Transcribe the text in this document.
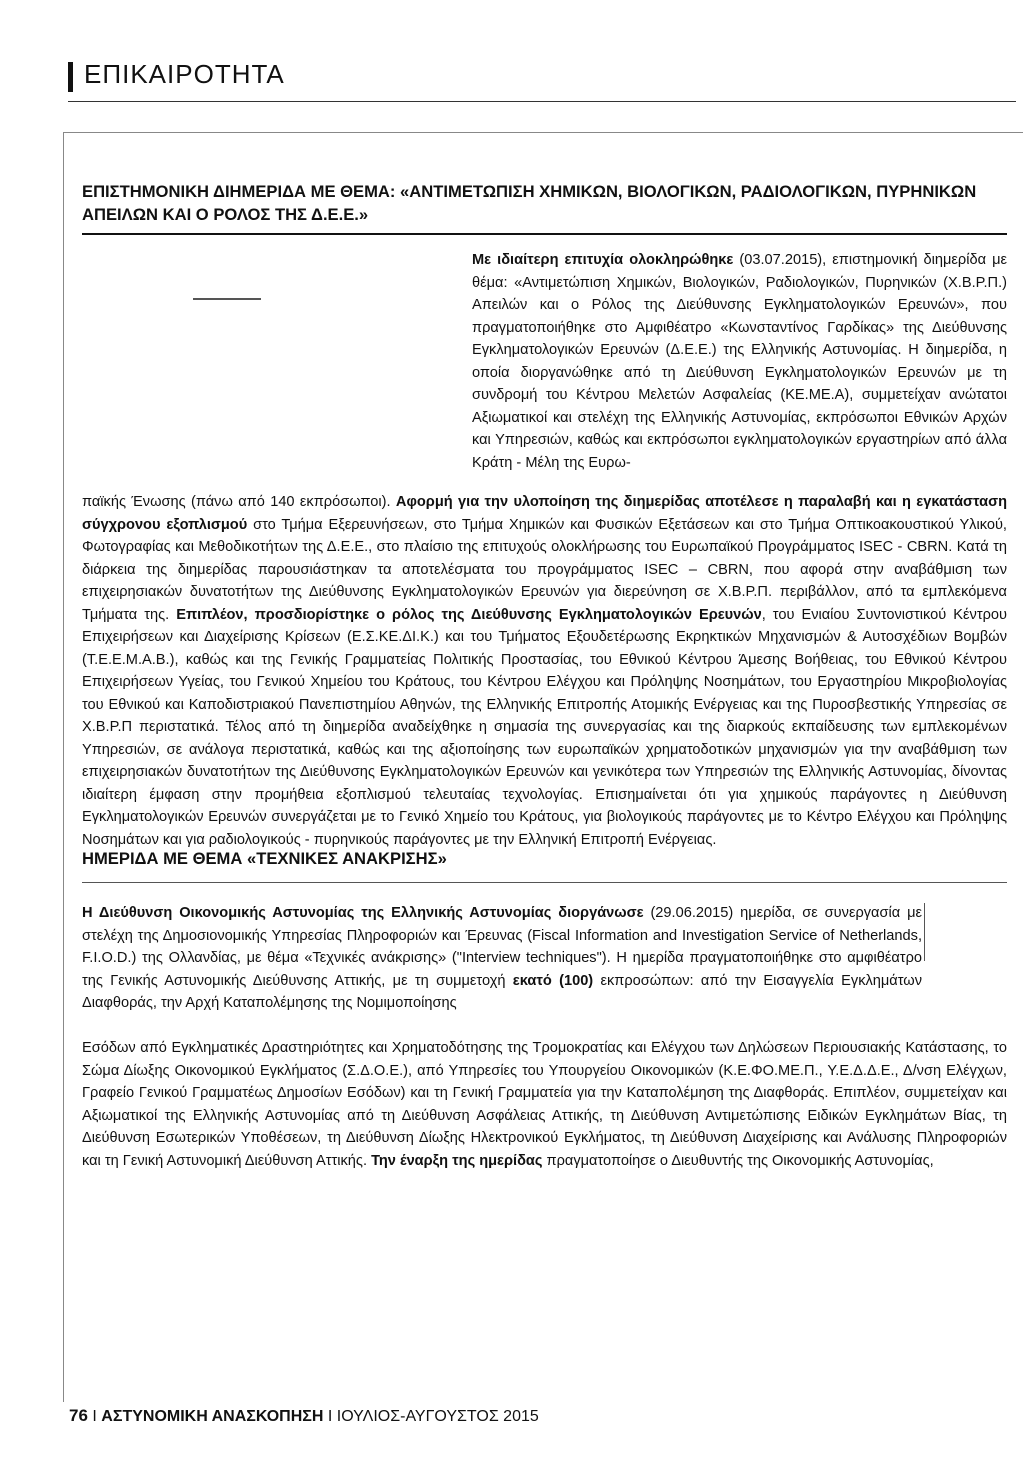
ΕΠΙΚΑΙΡΟΤΗΤΑ
ΕΠΙΣΤΗΜΟΝΙΚΗ ΔΙΗΜΕΡΙΔΑ ΜΕ ΘΕΜΑ: «ΑΝΤΙΜΕΤΩΠΙΣΗ ΧΗΜΙΚΩΝ, ΒΙΟΛΟΓΙΚΩΝ, ΡΑΔΙΟΛΟΓΙΚΩΝ, ΠΥΡΗΝΙΚΩΝ ΑΠΕΙΛΩΝ ΚΑΙ Ο ΡΟΛΟΣ ΤΗΣ Δ.Ε.Ε.»
Με ιδιαίτερη επιτυχία ολοκληρώθηκε (03.07.2015), επιστημονική διημερίδα με θέμα: «Αντιμετώπιση Χημικών, Βιολογικών, Ραδιολογικών, Πυρηνικών (Χ.Β.Ρ.Π.) Απειλών και ο Ρόλος της Διεύθυνσης Εγκληματολογικών Ερευνών», που πραγματοποιήθηκε στο Αμφιθέατρο «Κωνσταντίνος Γαρδίκας» της Διεύθυνσης Εγκληματολογικών Ερευνών (Δ.Ε.Ε.) της Ελληνικής Αστυνομίας. Η διημερίδα, η οποία διοργανώθηκε από τη Διεύθυνση Εγκληματολογικών Ερευνών με τη συνδρομή του Κέντρου Μελετών Ασφαλείας (ΚΕ.ΜΕ.Α), συμμετείχαν ανώτατοι Αξιωματικοί και στελέχη της Ελληνικής Αστυνομίας, εκπρόσωποι Εθνικών Αρχών και Υπηρεσιών, καθώς και εκπρόσωποι εγκληματολογικών εργαστηρίων από άλλα Κράτη - Μέλη της Ευρω-
παϊκής Ένωσης (πάνω από 140 εκπρόσωποι). Αφορμή για την υλοποίηση της διημερίδας αποτέλεσε η παραλαβή και η εγκατάσταση σύγχρονου εξοπλισμού στο Τμήμα Εξερευνήσεων, στο Τμήμα Χημικών και Φυσικών Εξετάσεων και στο Τμήμα Οπτικοακουστικού Υλικού, Φωτογραφίας και Μεθοδικοτήτων της Δ.Ε.Ε., στο πλαίσιο της επιτυχούς ολοκλήρωσης του Ευρωπαϊκού Προγράμματος ISEC - CBRN. Κατά τη διάρκεια της διημερίδας παρουσιάστηκαν τα αποτελέσματα του προγράμματος ISEC – CBRN, που αφορά στην αναβάθμιση των επιχειρησιακών δυνατοτήτων της Διεύθυνσης Εγκληματολογικών Ερευνών για διερεύνηση σε Χ.Β.Ρ.Π. περιβάλλον, από τα εμπλεκόμενα Τμήματα της. Επιπλέον, προσδιορίστηκε ο ρόλος της Διεύθυνσης Εγκληματολογικών Ερευνών, του Ενιαίου Συντονιστικού Κέντρου Επιχειρήσεων και Διαχείρισης Κρίσεων (Ε.Σ.ΚΕ.ΔΙ.Κ.) και του Τμήματος Εξουδετέρωσης Εκρηκτικών Μηχανισμών & Αυτοσχέδιων Βομβών (Τ.Ε.Ε.Μ.Α.Β.), καθώς και της Γενικής Γραμματείας Πολιτικής Προστασίας, του Εθνικού Κέντρου Άμεσης Βοήθειας, του Εθνικού Κέντρου Επιχειρήσεων Υγείας, του Γενικού Χημείου του Κράτους, του Κέντρου Ελέγχου και Πρόληψης Νοσημάτων, του Εργαστηρίου Μικροβιολογίας του Εθνικού και Καποδιστριακού Πανεπιστημίου Αθηνών, της Ελληνικής Επιτροπής Ατομικής Ενέργειας και της Πυροσβεστικής Υπηρεσίας σε Χ.Β.Ρ.Π περιστατικά. Τέλος από τη διημερίδα αναδείχθηκε η σημασία της συνεργασίας και της διαρκούς εκπαίδευσης των εμπλεκομένων Υπηρεσιών, σε ανάλογα περιστατικά, καθώς και της αξιοποίησης των ευρωπαϊκών χρηματοδοτικών μηχανισμών για την αναβάθμιση των επιχειρησιακών δυνατοτήτων της Διεύθυνσης Εγκληματολογικών Ερευνών και γενικότερα των Υπηρεσιών της Ελληνικής Αστυνομίας, δίνοντας ιδιαίτερη έμφαση στην προμήθεια εξοπλισμού τελευταίας τεχνολογίας. Επισημαίνεται ότι για χημικούς παράγοντες η Διεύθυνση Εγκληματολογικών Ερευνών συνεργάζεται με το Γενικό Χημείο του Κράτους, για βιολογικούς παράγοντες με το Κέντρο Ελέγχου και Πρόληψης Νοσημάτων και για ραδιολογικούς - πυρηνικούς παράγοντες με την Ελληνική Επιτροπή Ενέργειας.
ΗΜΕΡΙΔΑ ΜΕ ΘΕΜΑ «ΤΕΧΝΙΚΕΣ ΑΝΑΚΡΙΣΗΣ»
Η Διεύθυνση Οικονομικής Αστυνομίας της Ελληνικής Αστυνομίας διοργάνωσε (29.06.2015) ημερίδα, σε συνεργασία με στελέχη της Δημοσιονομικής Υπηρεσίας Πληροφοριών και Έρευνας (Fiscal Information and Investigation Service of Netherlands, F.I.O.D.) της Ολλανδίας, με θέμα «Τεχνικές ανάκρισης» ("Interview techniques"). Η ημερίδα πραγματοποιήθηκε στο αμφιθέατρο της Γενικής Αστυνομικής Διεύθυνσης Αττικής, με τη συμμετοχή εκατό (100) εκπροσώπων: από την Εισαγγελία Εγκλημάτων Διαφθοράς, την Αρχή Καταπολέμησης της Νομιμοποίησης
Εσόδων από Εγκληματικές Δραστηριότητες και Χρηματοδότησης της Τρομοκρατίας και Ελέγχου των Δηλώσεων Περιουσιακής Κατάστασης, το Σώμα Δίωξης Οικονομικού Εγκλήματος (Σ.Δ.Ο.Ε.), από Υπηρεσίες του Υπουργείου Οικονομικών (Κ.Ε.ΦΟ.ΜΕ.Π., Υ.Ε.Δ.Δ.Ε., Δ/νση Ελέγχων, Γραφείο Γενικού Γραμματέως Δημοσίων Εσόδων) και τη Γενική Γραμματεία για την Καταπολέμηση της Διαφθοράς. Επιπλέον, συμμετείχαν και Αξιωματικοί της Ελληνικής Αστυνομίας από τη Διεύθυνση Ασφάλειας Αττικής, τη Διεύθυνση Αντιμετώπισης Ειδικών Εγκλημάτων Βίας, τη Διεύθυνση Εσωτερικών Υποθέσεων, τη Διεύθυνση Δίωξης Ηλεκτρονικού Εγκλήματος, τη Διεύθυνση Διαχείρισης και Ανάλυσης Πληροφοριών και τη Γενική Αστυνομική Διεύθυνση Αττικής. Την έναρξη της ημερίδας πραγματοποίησε ο Διευθυντής της Οικονομικής Αστυνομίας,
76 I ΑΣΤΥΝΟΜΙΚΗ ΑΝΑΣΚΟΠΗΣΗ I ΙΟΥΛΙΟΣ-ΑΥΓΟΥΣΤΟΣ 2015
